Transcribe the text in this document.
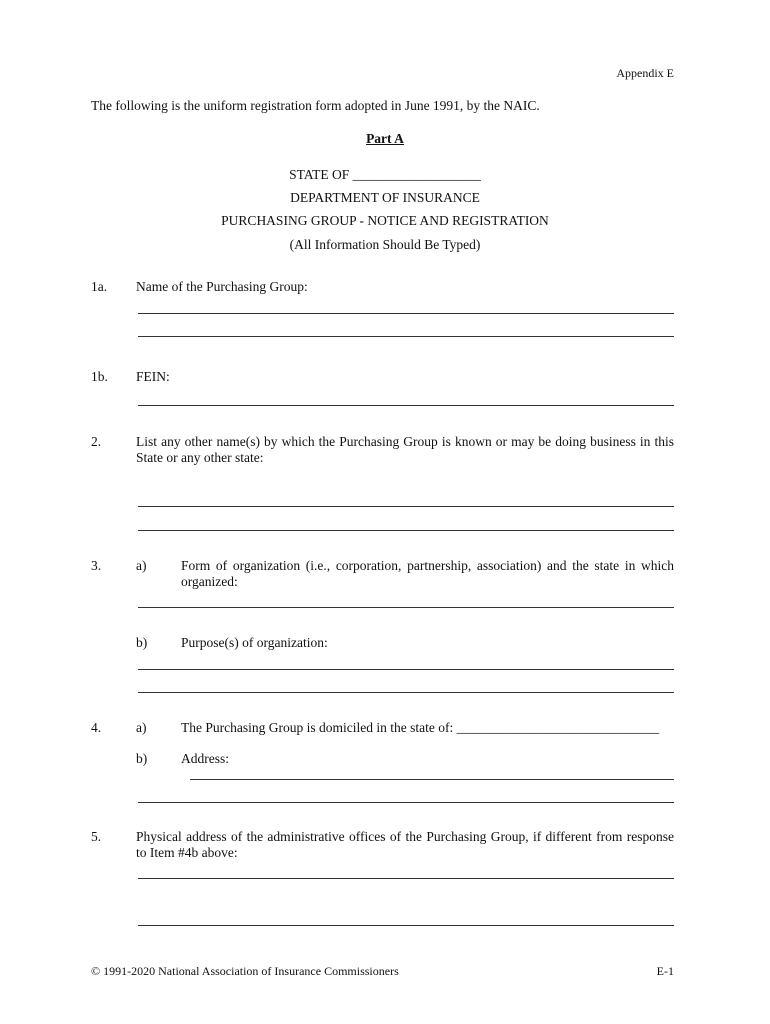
Appendix E
The following is the uniform registration form adopted in June 1991, by the NAIC.
Part A
STATE OF ___________________
DEPARTMENT OF INSURANCE
PURCHASING GROUP - NOTICE AND REGISTRATION
(All Information Should Be Typed)
1a. Name of the Purchasing Group:
1b. FEIN:
2.	List any other name(s) by which the Purchasing Group is known or may be doing business in this State or any other state:
3.	a)	Form of organization (i.e., corporation, partnership, association) and the state in which organized:
b)	Purpose(s) of organization:
4.	a)	The Purchasing Group is domiciled in the state of: ______________________________
b)	Address:
5.	Physical address of the administrative offices of the Purchasing Group, if different from response to Item #4b above:
© 1991-2020 National Association of Insurance Commissioners	E-1
